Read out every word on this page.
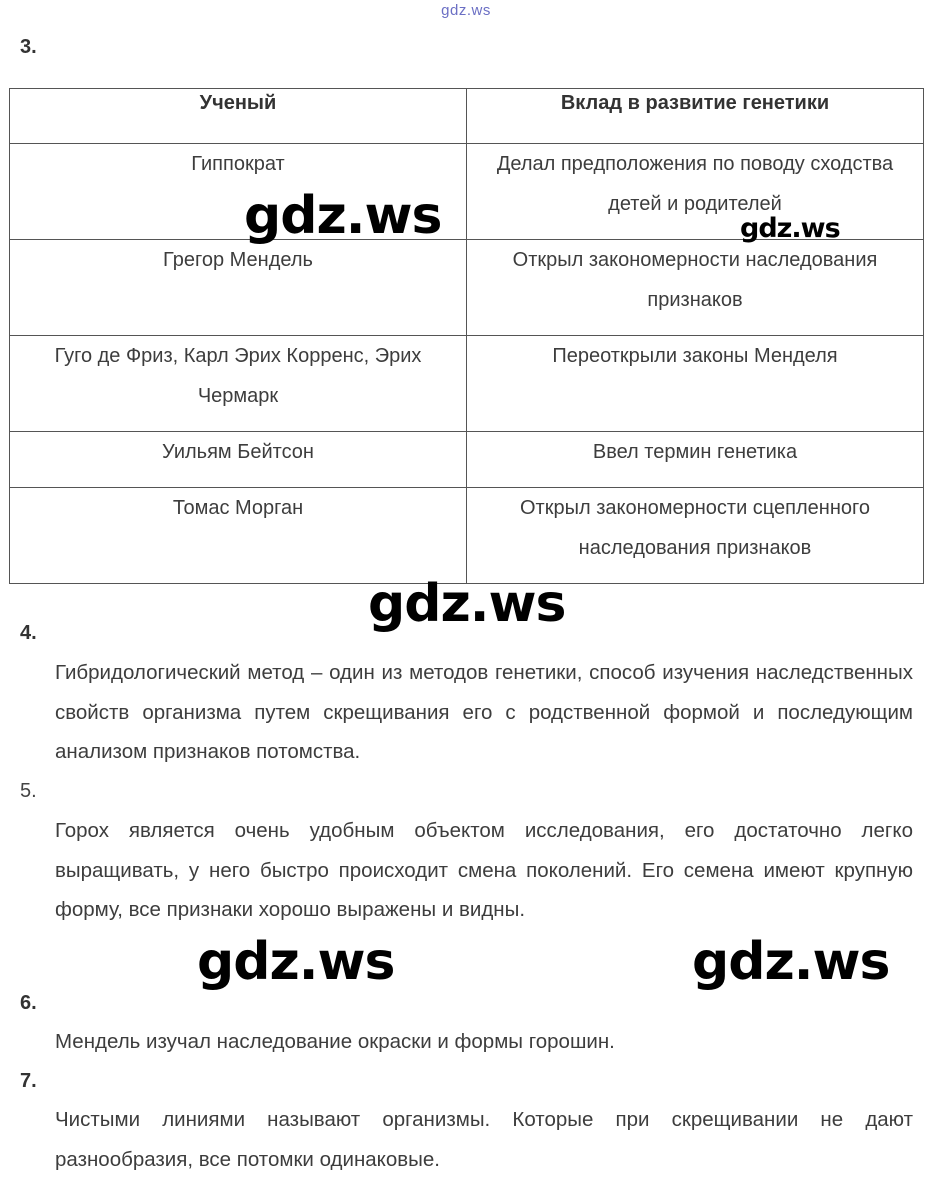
gdz.ws
3.
Ученый	Вклад в развитие генетики
Гиппократ	Делал предположения по поводу сходства детей и родителей
Грегор Мендель	Открыл закономерности наследования признаков
Гуго де Фриз, Карл Эрих Корренс, Эрих Чермарк	Переоткрыли законы Менделя
Уильям Бейтсон	Ввел термин генетика
Томас Морган	Открыл закономерности сцепленного наследования признаков
gdz.ws	gdz.ws
gdz.ws
4.
Гибридологический метод – один из методов генетики, способ изучения наследственных свойств организма путем скрещивания его с родственной формой и последующим анализом признаков потомства.
5.
Горох является очень удобным объектом исследования, его достаточно легко выращивать, у него быстро происходит смена поколений. Его семена имеют крупную форму, все признаки хорошо выражены и видны.
gdz.ws	gdz.ws
6.
Мендель изучал наследование окраски и формы горошин.
7.
Чистыми линиями называют организмы. Которые при скрещивании не дают разнообразия, все потомки одинаковые.
